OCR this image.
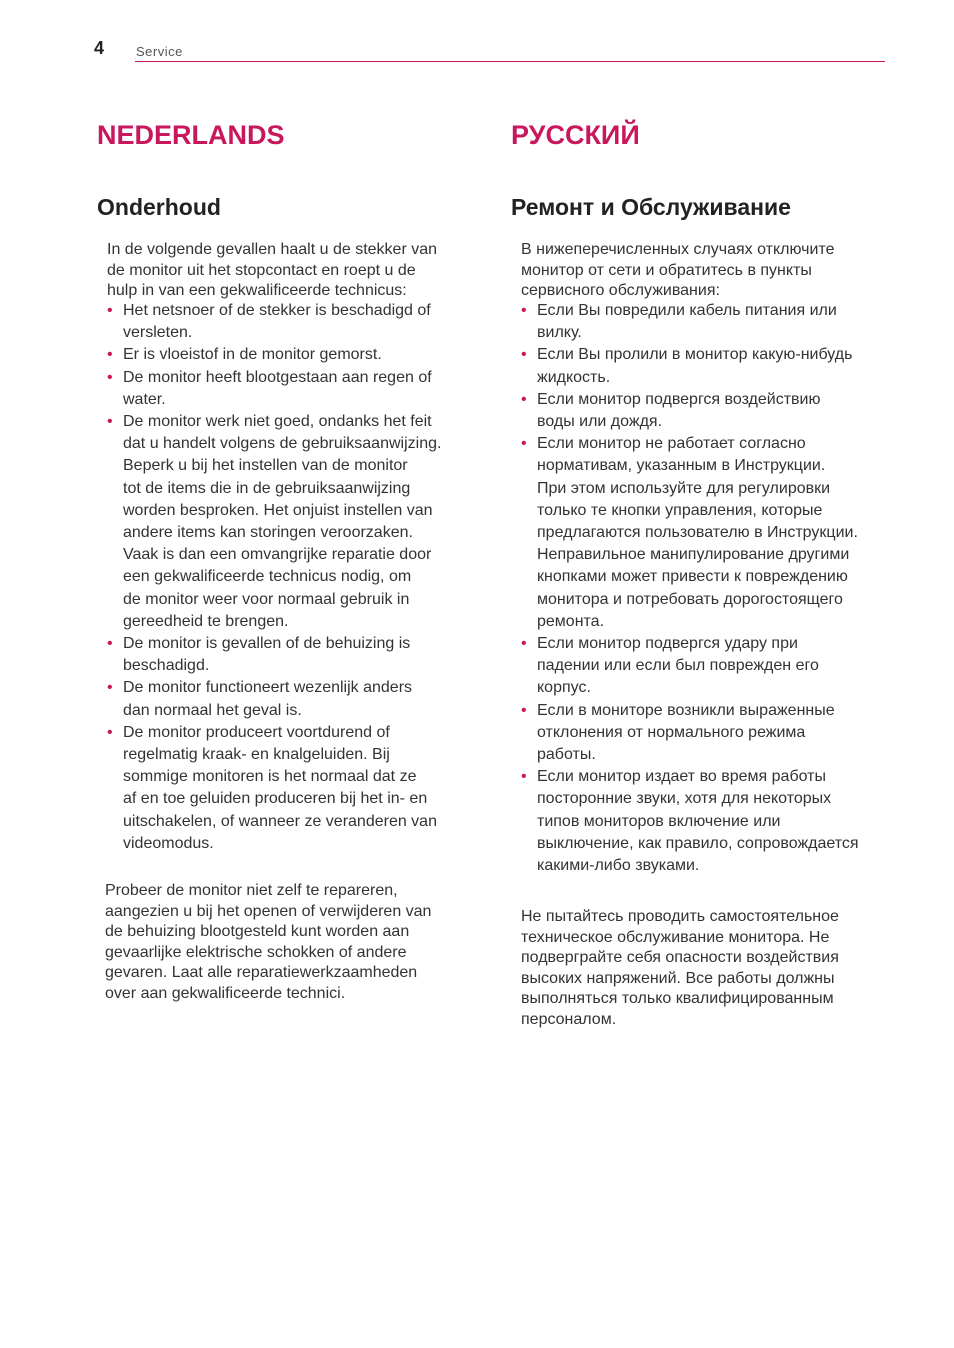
4 Service
NEDERLANDS
Onderhoud
In de volgende gevallen haalt u de stekker van
de monitor uit het stopcontact en roept u de
hulp in van een gekwalificeerde technicus:
• Het netsnoer of de stekker is beschadigd of
versleten.
• Er is vloeistof in de monitor gemorst.
• De monitor heeft blootgestaan aan regen of
water.
• De monitor werk niet goed, ondanks het feit
dat u handelt volgens de gebruiksaanwijzing.
Beperk u bij het instellen van de monitor
tot de items die in de gebruiksaanwijzing
worden besproken. Het onjuist instellen van
andere items kan storingen veroorzaken.
Vaak is dan een omvangrijke reparatie door
een gekwalificeerde technicus nodig, om
de monitor weer voor normaal gebruik in
gereedheid te brengen.
• De monitor is gevallen of de behuizing is
beschadigd.
• De monitor functioneert wezenlijk anders
dan normaal het geval is.
• De monitor produceert voortdurend of
regelmatig kraak- en knalgeluiden. Bij
sommige monitoren is het normaal dat ze
af en toe geluiden produceren bij het in- en
uitschakelen, of wanneer ze veranderen van
videomodus.
Probeer de monitor niet zelf te repareren,
aangezien u bij het openen of verwijderen van
de behuizing blootgesteld kunt worden aan
gevaarlijke elektrische schokken of andere
gevaren. Laat alle reparatiewerkzaamheden
over aan gekwalificeerde technici.
РУССКИЙ
Ремонт и Обслуживание
В нижеперечисленных случаях отключите
монитор от сети и обратитесь в пункты
сервисного обслуживания:
• Если Вы повредили кабель питания или
вилку.
• Если Вы пролили в монитор какую-нибудь
жидкость.
• Если монитор подвергся воздействию
воды или дождя.
• Если монитор не работает согласно
нормативам, указанным в Инструкции.
При этом используйте для регулировки
только те кнопки управления, которые
предлагаются пользователю в Инструкции.
Неправильное манипулирование другими
кнопками может привести к повреждению
монитора и потребовать дорогостоящего
ремонта.
• Если монитор подвергся удару при
падении или если был поврежден его
корпус.
• Если в мониторе возникли выраженные
отклонения от нормального режима
работы.
• Если монитор издает во время работы
посторонние звуки, хотя для некоторых
типов мониторов включение или
выключение, как правило, сопровождается
какими-либо звуками.
Не пытайтесь проводить самостоятельное
техническое обслуживание монитора. Не
подверграйте себя опасности воздействия
высоких напряжений. Все работы должны
выполняться только квалифицированным
персоналом.
